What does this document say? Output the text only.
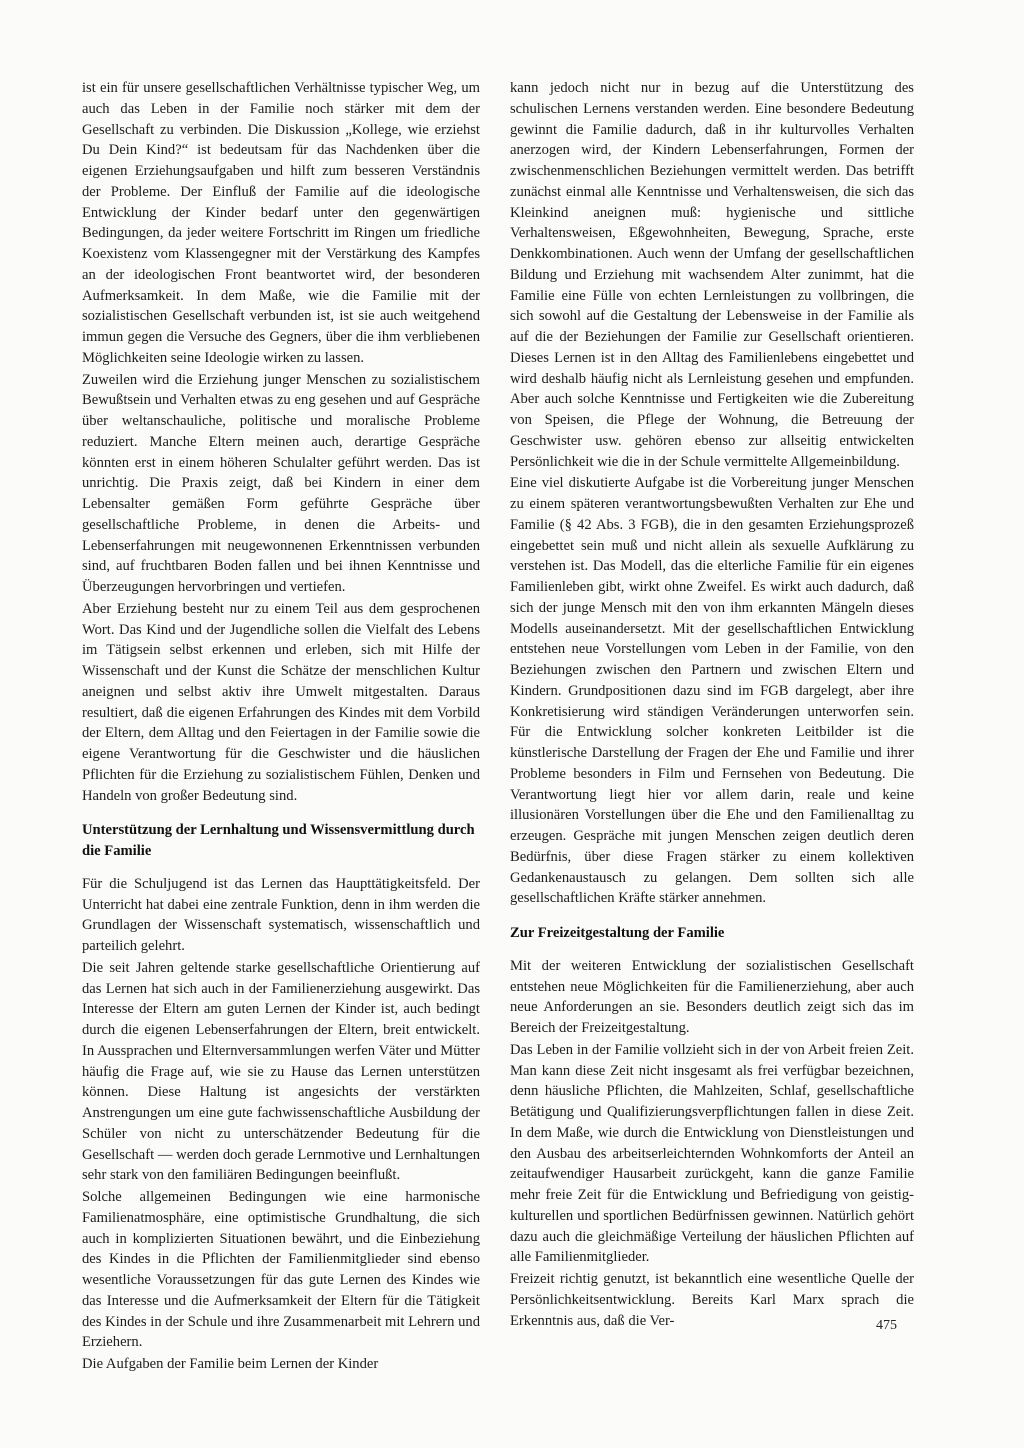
ist ein für unsere gesellschaftlichen Verhältnisse typischer Weg, um auch das Leben in der Familie noch stärker mit dem der Gesellschaft zu verbinden. Die Diskussion „Kollege, wie erziehst Du Dein Kind?“ ist bedeutsam für das Nachdenken über die eigenen Erziehungsaufgaben und hilft zum besseren Verständnis der Probleme. Der Einfluß der Familie auf die ideologische Entwicklung der Kinder bedarf unter den gegenwärtigen Bedingungen, da jeder weitere Fortschritt im Ringen um friedliche Koexistenz vom Klassengegner mit der Verstärkung des Kampfes an der ideologischen Front beantwortet wird, der besonderen Aufmerksamkeit. In dem Maße, wie die Familie mit der sozialistischen Gesellschaft verbunden ist, ist sie auch weitgehend immun gegen die Versuche des Gegners, über die ihm verbliebenen Möglichkeiten seine Ideologie wirken zu lassen.

Zuweilen wird die Erziehung junger Menschen zu sozialistischem Bewußtsein und Verhalten etwas zu eng gesehen und auf Gespräche über weltanschauliche, politische und moralische Probleme reduziert. Manche Eltern meinen auch, derartige Gespräche könnten erst in einem höheren Schulalter geführt werden. Das ist unrichtig. Die Praxis zeigt, daß bei Kindern in einer dem Lebensalter gemäßen Form geführte Gespräche über gesellschaftliche Probleme, in denen die Arbeits- und Lebenserfahrungen mit neugewonnenen Erkenntnissen verbunden sind, auf fruchtbaren Boden fallen und bei ihnen Kenntnisse und Überzeugungen hervorbringen und vertiefen.

Aber Erziehung besteht nur zu einem Teil aus dem gesprochenen Wort. Das Kind und der Jugendliche sollen die Vielfalt des Lebens im Tätigsein selbst erkennen und erleben, sich mit Hilfe der Wissenschaft und der Kunst die Schätze der menschlichen Kultur aneignen und selbst aktiv ihre Umwelt mitgestalten. Daraus resultiert, daß die eigenen Erfahrungen des Kindes mit dem Vorbild der Eltern, dem Alltag und den Feiertagen in der Familie sowie die eigene Verantwortung für die Geschwister und die häuslichen Pflichten für die Erziehung zu sozialistischem Fühlen, Denken und Handeln von großer Bedeutung sind.

Unterstützung der Lernhaltung und Wissensvermittlung durch die Familie

Für die Schuljugend ist das Lernen das Haupttätigkeitsfeld. Der Unterricht hat dabei eine zentrale Funktion, denn in ihm werden die Grundlagen der Wissenschaft systematisch, wissenschaftlich und parteilich gelehrt.

Die seit Jahren geltende starke gesellschaftliche Orientierung auf das Lernen hat sich auch in der Familienerziehung ausgewirkt. Das Interesse der Eltern am guten Lernen der Kinder ist, auch bedingt durch die eigenen Lebenserfahrungen der Eltern, breit entwickelt. In Aussprachen und Elternversammlungen werfen Väter und Mütter häufig die Frage auf, wie sie zu Hause das Lernen unterstützen können. Diese Haltung ist angesichts der verstärkten Anstrengungen um eine gute fachwissenschaftliche Ausbildung der Schüler von nicht zu unterschätzender Bedeutung für die Gesellschaft — werden doch gerade Lernmotive und Lernhaltungen sehr stark von den familiären Bedingungen beeinflußt.

Solche allgemeinen Bedingungen wie eine harmonische Familienatmosphäre, eine optimistische Grundhaltung, die sich auch in komplizierten Situationen bewährt, und die Einbeziehung des Kindes in die Pflichten der Familienmitglieder sind ebenso wesentliche Voraussetzungen für das gute Lernen des Kindes wie das Interesse und die Aufmerksamkeit der Eltern für die Tätigkeit des Kindes in der Schule und ihre Zusammenarbeit mit Lehrern und Erziehern.

Die Aufgaben der Familie beim Lernen der Kinder

kann jedoch nicht nur in bezug auf die Unterstützung des schulischen Lernens verstanden werden. Eine besondere Bedeutung gewinnt die Familie dadurch, daß in ihr kulturvolles Verhalten anerzogen wird, der Kindern Lebenserfahrungen, Formen der zwischenmenschlichen Beziehungen vermittelt werden. Das betrifft zunächst einmal alle Kenntnisse und Verhaltensweisen, die sich das Kleinkind aneignen muß: hygienische und sittliche Verhaltensweisen, Eßgewohnheiten, Bewegung, Sprache, erste Denkkombinationen. Auch wenn der Umfang der gesellschaftlichen Bildung und Erziehung mit wachsendem Alter zunimmt, hat die Familie eine Fülle von echten Lernleistungen zu vollbringen, die sich sowohl auf die Gestaltung der Lebensweise in der Familie als auf die der Beziehungen der Familie zur Gesellschaft orientieren. Dieses Lernen ist in den Alltag des Familienlebens eingebettet und wird deshalb häufig nicht als Lernleistung gesehen und empfunden. Aber auch solche Kenntnisse und Fertigkeiten wie die Zubereitung von Speisen, die Pflege der Wohnung, die Betreuung der Geschwister usw. gehören ebenso zur allseitig entwickelten Persönlichkeit wie die in der Schule vermittelte Allgemeinbildung.

Eine viel diskutierte Aufgabe ist die Vorbereitung junger Menschen zu einem späteren verantwortungsbewußten Verhalten zur Ehe und Familie (§ 42 Abs. 3 FGB), die in den gesamten Erziehungsprozeß eingebettet sein muß und nicht allein als sexuelle Aufklärung zu verstehen ist. Das Modell, das die elterliche Familie für ein eigenes Familienleben gibt, wirkt ohne Zweifel. Es wirkt auch dadurch, daß sich der junge Mensch mit den von ihm erkannten Mängeln dieses Modells auseinandersetzt. Mit der gesellschaftlichen Entwicklung entstehen neue Vorstellungen vom Leben in der Familie, von den Beziehungen zwischen den Partnern und zwischen Eltern und Kindern. Grundpositionen dazu sind im FGB dargelegt, aber ihre Konkretisierung wird ständigen Veränderungen unterworfen sein. Für die Entwicklung solcher konkreten Leitbilder ist die künstlerische Darstellung der Fragen der Ehe und Familie und ihrer Probleme besonders in Film und Fernsehen von Bedeutung. Die Verantwortung liegt hier vor allem darin, reale und keine illusionären Vorstellungen über die Ehe und den Familienalltag zu erzeugen. Gespräche mit jungen Menschen zeigen deutlich deren Bedürfnis, über diese Fragen stärker zu einem kollektiven Gedankenaustausch zu gelangen. Dem sollten sich alle gesellschaftlichen Kräfte stärker annehmen.

Zur Freizeitgestaltung der Familie

Mit der weiteren Entwicklung der sozialistischen Gesellschaft entstehen neue Möglichkeiten für die Familienerziehung, aber auch neue Anforderungen an sie. Besonders deutlich zeigt sich das im Bereich der Freizeitgestaltung.

Das Leben in der Familie vollzieht sich in der von Arbeit freien Zeit. Man kann diese Zeit nicht insgesamt als frei verfügbar bezeichnen, denn häusliche Pflichten, die Mahlzeiten, Schlaf, gesellschaftliche Betätigung und Qualifizierungsverpflichtungen fallen in diese Zeit. In dem Maße, wie durch die Entwicklung von Dienstleistungen und den Ausbau des arbeitserleichternden Wohnkomforts der Anteil an zeitaufwendiger Hausarbeit zurückgeht, kann die ganze Familie mehr freie Zeit für die Entwicklung und Befriedigung von geistig-kulturellen und sportlichen Bedürfnissen gewinnen. Natürlich gehört dazu auch die gleichmäßige Verteilung der häuslichen Pflichten auf alle Familienmitglieder.

Freizeit richtig genutzt, ist bekanntlich eine wesentliche Quelle der Persönlichkeitsentwicklung. Bereits Karl Marx sprach die Erkenntnis aus, daß die Ver-	475
